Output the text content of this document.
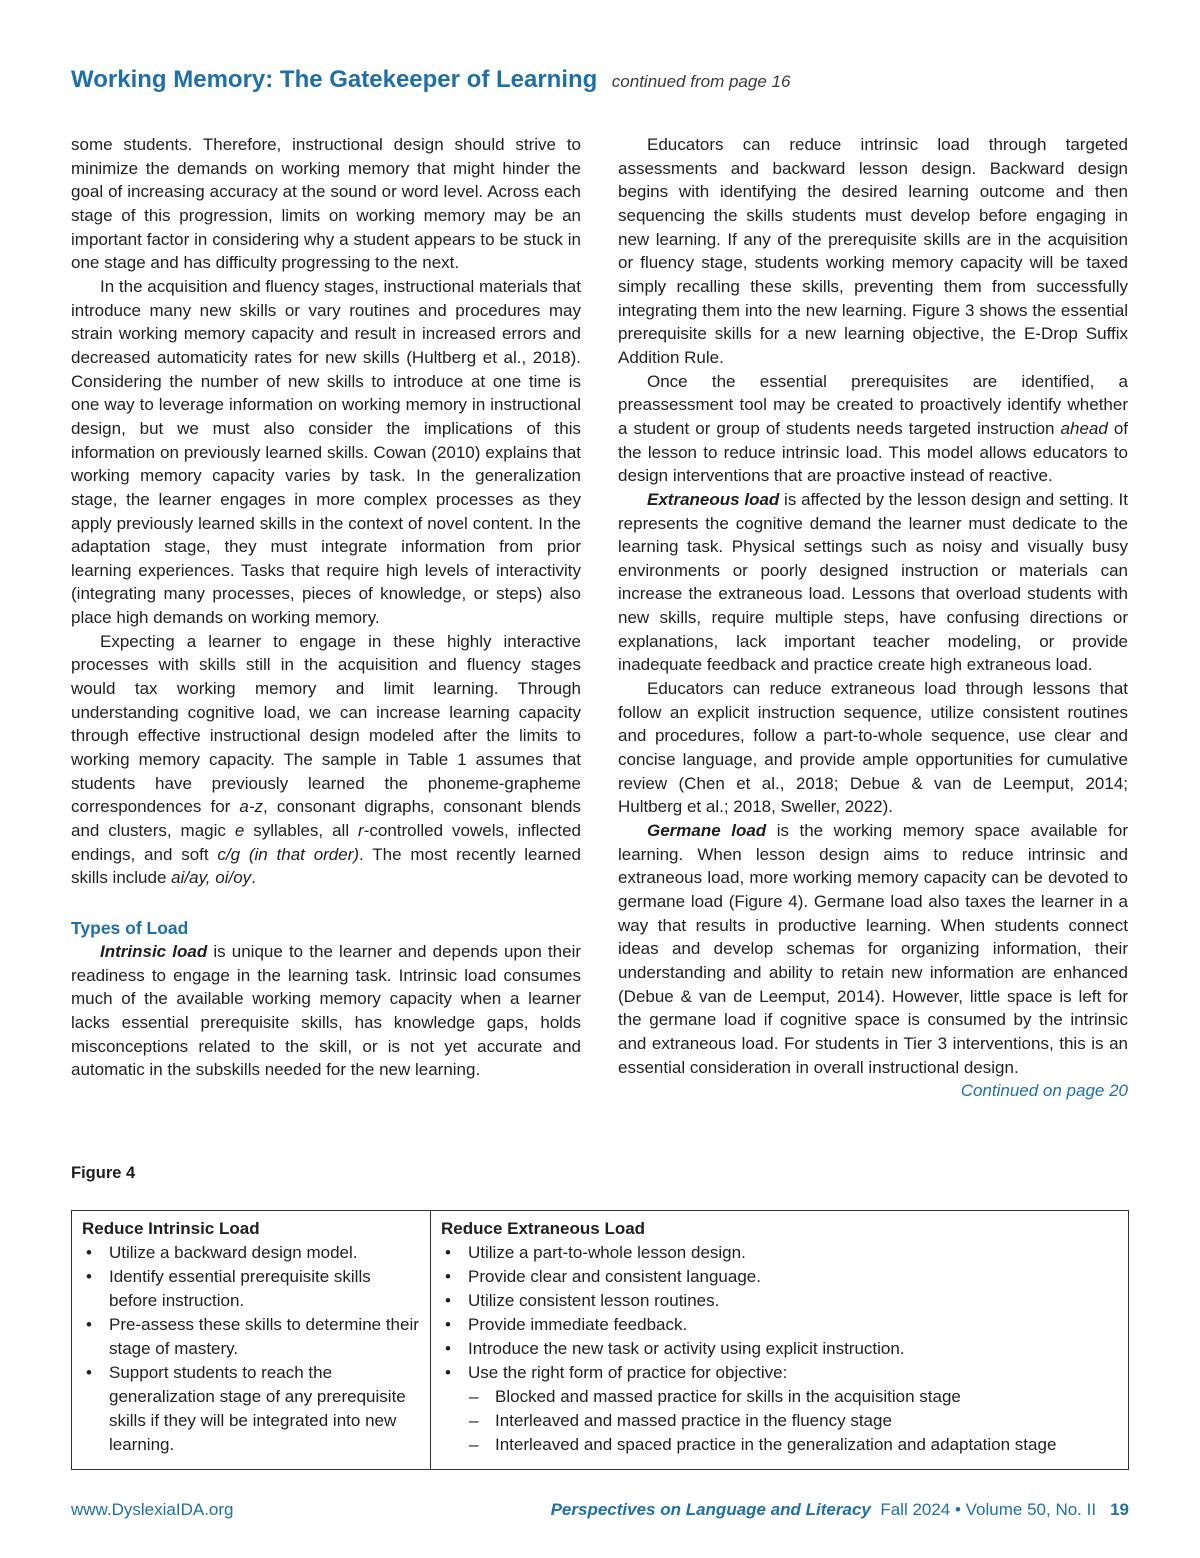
Working Memory: The Gatekeeper of Learning continued from page 16

some students. Therefore, instructional design should strive to minimize the demands on working memory that might hinder the goal of increasing accuracy at the sound or word level. Across each stage of this progression, limits on working memory may be an important factor in considering why a student appears to be stuck in one stage and has difficulty progressing to the next.

In the acquisition and fluency stages, instructional materials that introduce many new skills or vary routines and procedures may strain working memory capacity and result in increased errors and decreased automaticity rates for new skills (Hultberg et al., 2018). Considering the number of new skills to introduce at one time is one way to leverage information on working memory in instructional design, but we must also consider the implications of this information on previously learned skills. Cowan (2010) explains that working memory capacity varies by task. In the generalization stage, the learner engages in more complex processes as they apply previously learned skills in the context of novel content. In the adaptation stage, they must integrate information from prior learning experiences. Tasks that require high levels of interactivity (integrating many processes, pieces of knowledge, or steps) also place high demands on working memory.

Expecting a learner to engage in these highly interactive processes with skills still in the acquisition and fluency stages would tax working memory and limit learning. Through understanding cognitive load, we can increase learning capacity through effective instructional design modeled after the limits to working memory capacity. The sample in Table 1 assumes that students have previously learned the phoneme-grapheme correspondences for a-z, consonant digraphs, consonant blends and clusters, magic e syllables, all r-controlled vowels, inflected endings, and soft c/g (in that order). The most recently learned skills include ai/ay, oi/oy.

Types of Load

Intrinsic load is unique to the learner and depends upon their readiness to engage in the learning task. Intrinsic load consumes much of the available working memory capacity when a learner lacks essential prerequisite skills, has knowledge gaps, holds misconceptions related to the skill, or is not yet accurate and automatic in the subskills needed for the new learning.

Educators can reduce intrinsic load through targeted assessments and backward lesson design. Backward design begins with identifying the desired learning outcome and then sequencing the skills students must develop before engaging in new learning. If any of the prerequisite skills are in the acquisition or fluency stage, students working memory capacity will be taxed simply recalling these skills, preventing them from successfully integrating them into the new learning. Figure 3 shows the essential prerequisite skills for a new learning objective, the E-Drop Suffix Addition Rule.

Once the essential prerequisites are identified, a preassessment tool may be created to proactively identify whether a student or group of students needs targeted instruction ahead of the lesson to reduce intrinsic load. This model allows educators to design interventions that are proactive instead of reactive.

Extraneous load is affected by the lesson design and setting. It represents the cognitive demand the learner must dedicate to the learning task. Physical settings such as noisy and visually busy environments or poorly designed instruction or materials can increase the extraneous load. Lessons that overload students with new skills, require multiple steps, have confusing directions or explanations, lack important teacher modeling, or provide inadequate feedback and practice create high extraneous load.

Educators can reduce extraneous load through lessons that follow an explicit instruction sequence, utilize consistent routines and procedures, follow a part-to-whole sequence, use clear and concise language, and provide ample opportunities for cumulative review (Chen et al., 2018; Debue & van de Leemput, 2014; Hultberg et al.; 2018, Sweller, 2022).

Germane load is the working memory space available for learning. When lesson design aims to reduce intrinsic and extraneous load, more working memory capacity can be devoted to germane load (Figure 4). Germane load also taxes the learner in a way that results in productive learning. When students connect ideas and develop schemas for organizing information, their understanding and ability to retain new information are enhanced (Debue & van de Leemput, 2014). However, little space is left for the germane load if cognitive space is consumed by the intrinsic and extraneous load. For students in Tier 3 interventions, this is an essential consideration in overall instructional design.

Continued on page 20

Figure 4
Reduce Intrinsic Load
• Utilize a backward design model.
• Identify essential prerequisite skills before instruction.
• Pre-assess these skills to determine their stage of mastery.
• Support students to reach the generalization stage of any prerequisite skills if they will be integrated into new learning.
Reduce Extraneous Load
• Utilize a part-to-whole lesson design.
• Provide clear and consistent language.
• Utilize consistent lesson routines.
• Provide immediate feedback.
• Introduce the new task or activity using explicit instruction.
• Use the right form of practice for objective:
– Blocked and massed practice for skills in the acquisition stage
– Interleaved and massed practice in the fluency stage
– Interleaved and spaced practice in the generalization and adaptation stage
www.DyslexiaIDA.org	Perspectives on Language and Literacy Fall 2024 • Volume 50, No. II 19
